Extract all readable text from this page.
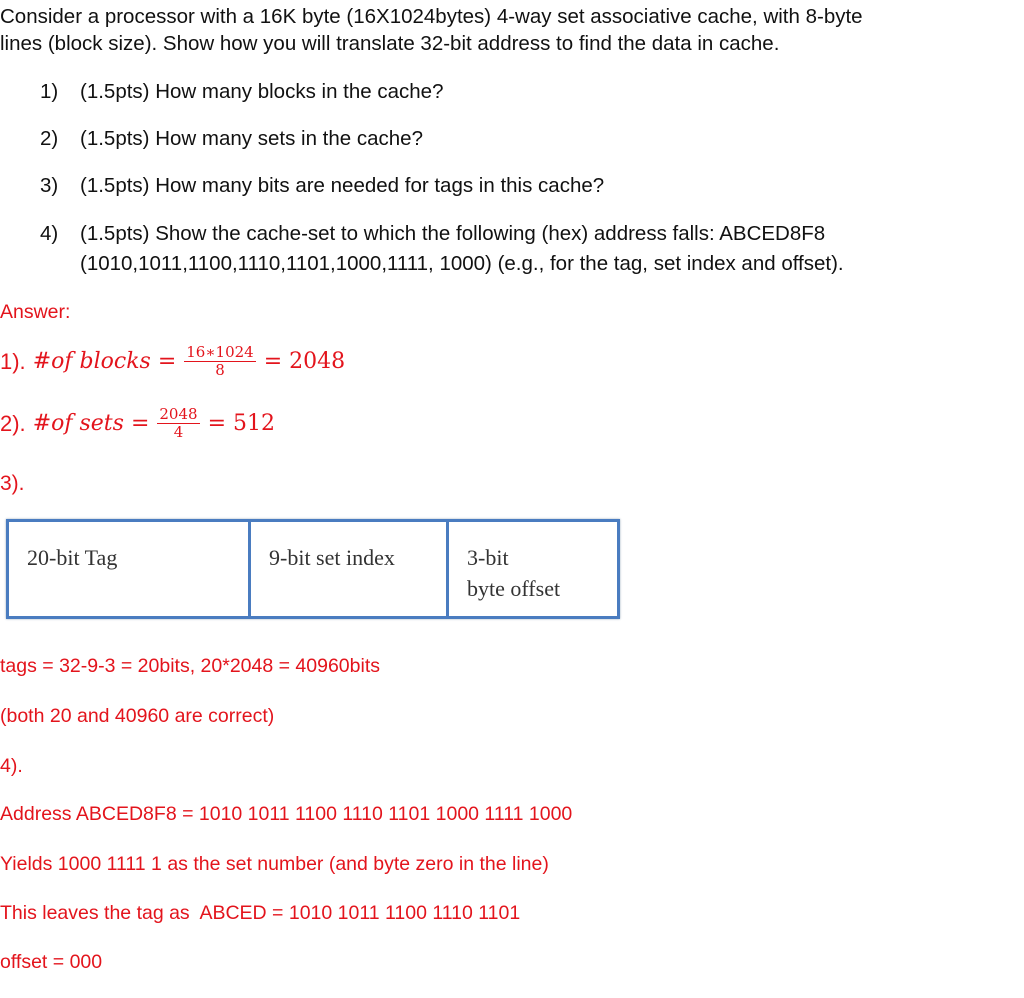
Consider a processor with a 16K byte (16X1024bytes) 4-way set associative cache, with 8-byte
lines (block size). Show how you will translate 32-bit address to find the data in cache.
1) (1.5pts) How many blocks in the cache?
2) (1.5pts) How many sets in the cache?
3) (1.5pts) How many bits are needed for tags in this cache?
4) (1.5pts) Show the cache-set to which the following (hex) address falls: ABCED8F8
(1010,1011,1100,1110,1101,1000,1111, 1000) (e.g., for the tag, set index and offset).
Answer:
1).
#of blocks
= $\frac{16∗1024}{8} = 2048$
2).
#of sets
= $\frac{2048}{4} = 512$
3).
20-bit Tag	9-bit set index	3-bit
byte offset
tags = 32-9-3 = 20bits, 20*2048 = 40960bits
(both 20 and 40960 are correct)
4).
Address ABCED8F8 = 1010 1011 1100 1110 1101 1000 1111 1000
Yields 1000 1111 1 as the set number (and byte zero in the line)
This leaves the tag as  ABCED = 1010 1011 1100 1110 1101
offset = 000
